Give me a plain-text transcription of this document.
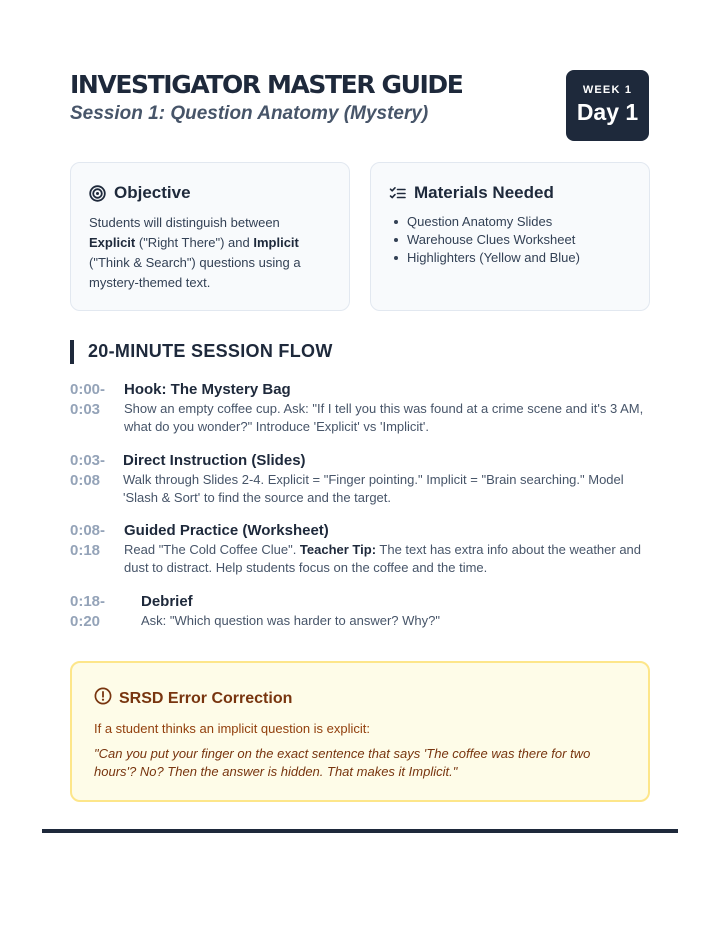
INVESTIGATOR MASTER GUIDE

Session 1: Question Anatomy (Mystery)

WEEK 1
Day 1
Objective

Students will distinguish between Explicit ("Right There") and Implicit ("Think & Search") questions using a mystery-themed text.

Materials Needed
Question Anatomy Slides
Warehouse Clues Worksheet
Highlighters (Yellow and Blue)
20-MINUTE SESSION FLOW
0:00-
0:03

Hook: The Mystery Bag

Show an empty coffee cup. Ask: "If I tell you this was found at a crime scene and it's 3 AM, what do you wonder?" Introduce 'Explicit' vs 'Implicit'.

0:03-
0:08

Direct Instruction (Slides)

Walk through Slides 2-4. Explicit = "Finger pointing." Implicit = "Brain searching." Model 'Slash & Sort' to find the source and the target.

0:08-
0:18

Guided Practice (Worksheet)

Read "The Cold Coffee Clue". Teacher Tip: The text has extra info about the weather and dust to distract. Help students focus on the coffee and the time.

0:18-
0:20

Debrief

Ask: "Which question was harder to answer? Why?"

SRSD Error Correction

If a student thinks an implicit question is explicit:

"Can you put your finger on the exact sentence that says 'The coffee was there for two hours'? No? Then the answer is hidden. That makes it Implicit."
